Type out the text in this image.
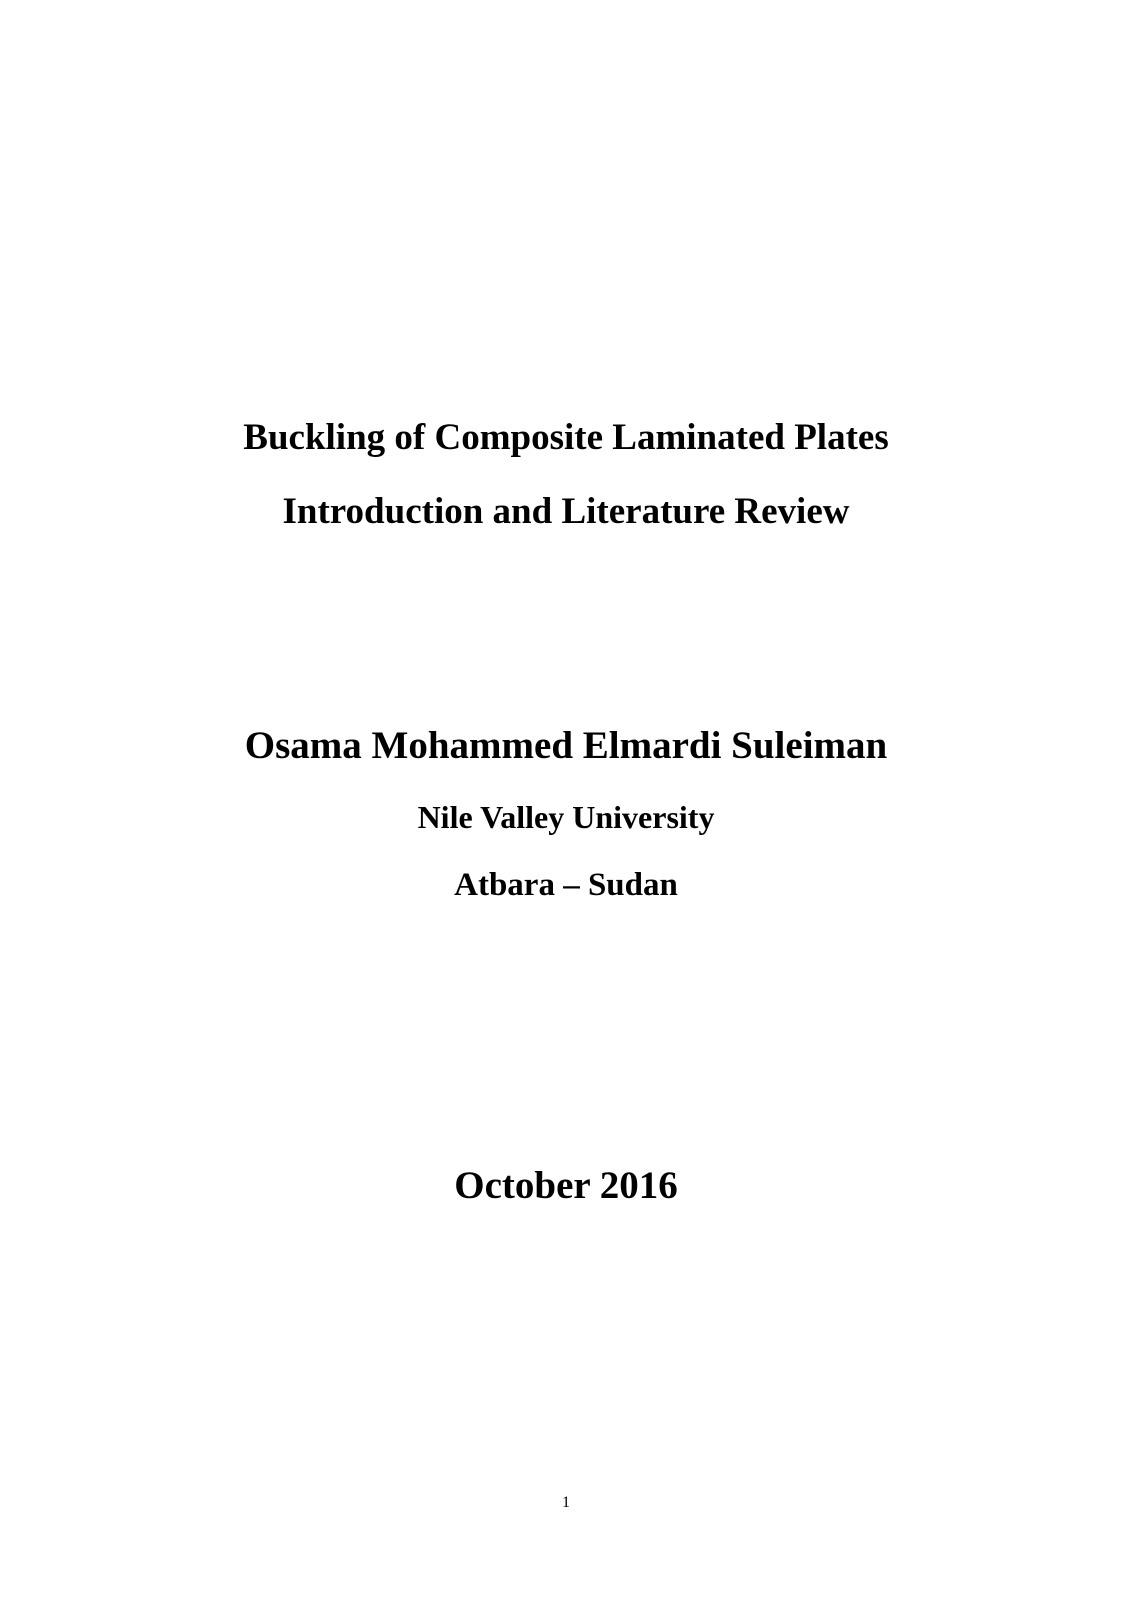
Buckling of Composite Laminated Plates
Introduction and Literature Review
Osama Mohammed Elmardi Suleiman
Nile Valley University
Atbara – Sudan
October 2016
1
